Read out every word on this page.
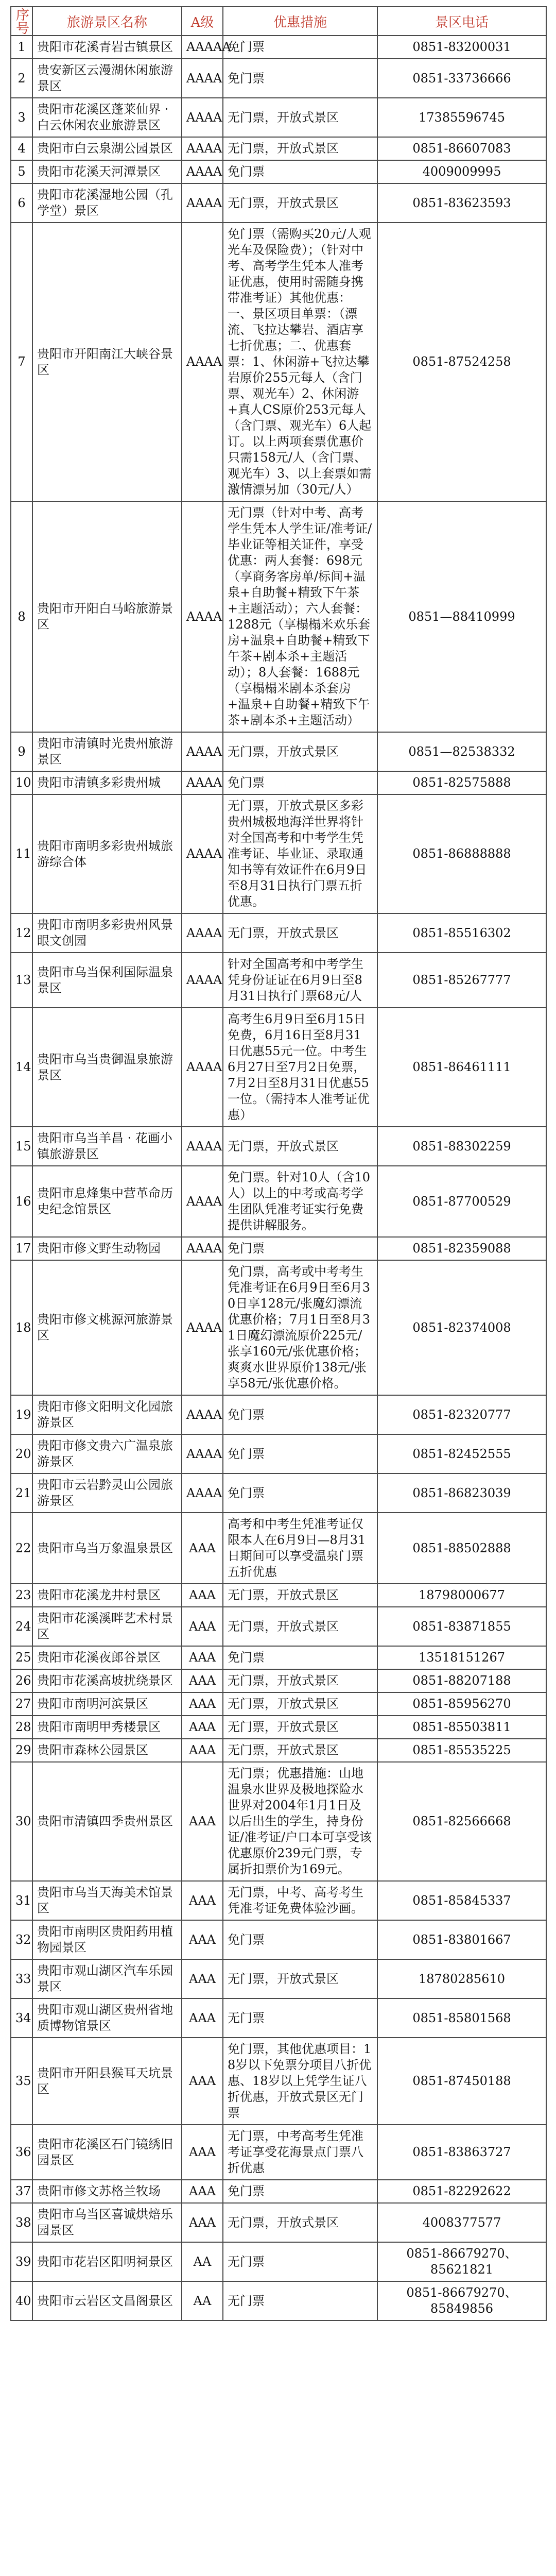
序号	旅游景区名称	A级	优惠措施	景区电话
1	贵阳市花溪青岩古镇景区	AAAAA	免门票	0851-83200031
2	贵安新区云漫湖休闲旅游景区	AAAA	免门票	0851-33736666
3	贵阳市花溪区蓬莱仙界 · 白云休闲农业旅游景区	AAAA	无门票，开放式景区	17385596745
4	贵阳市白云泉湖公园景区	AAAA	无门票，开放式景区	0851-86607083
5	贵阳市花溪天河潭景区	AAAA	免门票	4009009995
6	贵阳市花溪湿地公园（孔学堂）景区	AAAA	无门票，开放式景区	0851-83623593
7	贵阳市开阳南江大峡谷景区	AAAA	免门票（需购买20元/人观光车及保险费）；（针对中考、高考学生凭本人准考证优惠，使用时需随身携带准考证）其他优惠：一、景区项目单票：（漂流、飞拉达攀岩、酒店享七折优惠；二、优惠套票：1、休闲游+飞拉达攀岩原价255元每人（含门票、观光车）2、休闲游+真人CS原价253元每人（含门票、观光车）6人起订。以上两项套票优惠价只需158元/人（含门票、观光车）3、以上套票如需激情漂另加（30元/人）	0851-87524258
8	贵阳市开阳白马峪旅游景区	AAAA	无门票（针对中考、高考学生凭本人学生证/准考证/毕业证等相关证件，享受优惠：两人套餐：698元（享商务客房单/标间+温泉+自助餐+精致下午茶+主题活动）；六人套餐：1288元（享榻榻米欢乐套房+温泉+自助餐+精致下午茶+剧本杀+主题活动）；8人套餐：1688元（享榻榻米剧本杀套房+温泉+自助餐+精致下午茶+剧本杀+主题活动）	0851—88410999
9	贵阳市清镇时光贵州旅游景区	AAAA	无门票，开放式景区	0851—82538332
10	贵阳市清镇多彩贵州城	AAAA	免门票	0851-82575888
11	贵阳市南明多彩贵州城旅游综合体	AAAA	无门票，开放式景区多彩贵州城极地海洋世界将针对全国高考和中考学生凭准考证、毕业证、录取通知书等有效证件在6月9日至8月31日执行门票五折优惠。	0851-86888888
12	贵阳市南明多彩贵州风景眼文创园	AAAA	无门票，开放式景区	0851-85516302
13	贵阳市乌当保利国际温泉景区	AAAA	针对全国高考和中考学生凭身份证证在6月9日至8月31日执行门票68元/人	0851-85267777
14	贵阳市乌当贵御温泉旅游景区	AAAA	高考生6月9日至6月15日免费，6月16日至8月31日优惠55元一位。中考生6月27日至7月2日免票，7月2日至8月31日优惠55一位。（需持本人准考证优惠）	0851-86461111
15	贵阳市乌当羊昌 · 花画小镇旅游景区	AAAA	无门票，开放式景区	0851-88302259
16	贵阳市息烽集中营革命历史纪念馆景区	AAAA	免门票。针对10人（含10人）以上的中考或高考学生团队凭准考证实行免费提供讲解服务。	0851-87700529
17	贵阳市修文野生动物园	AAAA	免门票	0851-82359088
18	贵阳市修文桃源河旅游景区	AAAA	免门票，高考或中考考生凭准考证在6月9日至6月30日享128元/张魔幻漂流优惠价格；7月1日至8月31日魔幻漂流原价225元/张享160元/张优惠价格；爽爽水世界原价138元/张享58元/张优惠价格。	0851-82374008
19	贵阳市修文阳明文化园旅游景区	AAAA	免门票	0851-82320777
20	贵阳市修文贵六广温泉旅游景区	AAAA	免门票	0851-82452555
21	贵阳市云岩黔灵山公园旅游景区	AAAA	免门票	0851-86823039
22	贵阳市乌当万象温泉景区	AAA	高考和中考生凭准考证仅限本人在6月9日—8月31日期间可以享受温泉门票五折优惠	0851-88502888
23	贵阳市花溪龙井村景区	AAA	无门票，开放式景区	18798000677
24	贵阳市花溪溪畔艺术村景区	AAA	无门票，开放式景区	0851-83871855
25	贵阳市花溪夜郎谷景区	AAA	免门票	13518151267
26	贵阳市花溪高坡扰绕景区	AAA	无门票，开放式景区	0851-88207188
27	贵阳市南明河滨景区	AAA	无门票，开放式景区	0851-85956270
28	贵阳市南明甲秀楼景区	AAA	无门票，开放式景区	0851-85503811
29	贵阳市森林公园景区	AAA	无门票，开放式景区	0851-85535225
30	贵阳市清镇四季贵州景区	AAA	无门票；优惠措施：山地温泉水世界及极地探险水世界对2004年1月1日及以后出生的学生，持身份证/准考证/户口本可享受该优惠原价239元门票，专属折扣票价为169元。	0851-82566668
31	贵阳市乌当天海美术馆景区	AAA	无门票，中考、高考考生凭准考证免费体验沙画。	0851-85845337
32	贵阳市南明区贵阳药用植物园景区	AAA	免门票	0851-83801667
33	贵阳市观山湖区汽车乐园景区	AAA	无门票，开放式景区	18780285610
34	贵阳市观山湖区贵州省地质博物馆景区	AAA	无门票	0851-85801568
35	贵阳市开阳县猴耳天坑景区	AAA	免门票，其他优惠项目：18岁以下免票分项目八折优惠、18岁以上凭学生证八折优惠，开放式景区无门票	0851-87450188
36	贵阳市花溪区石门镜绣旧园景区	AAA	无门票，中考高考生凭准考证享受花海景点门票八折优惠	0851-83863727
37	贵阳市修文苏格兰牧场	AAA	免门票	0851-82292622
38	贵阳市乌当区喜诚烘焙乐园景区	AAA	无门票，开放式景区	4008377577
39	贵阳市花岩区阳明祠景区	AA	无门票	0851-86679270、85621821
40	贵阳市云岩区文昌阁景区	AA	无门票	0851-86679270、85849856
